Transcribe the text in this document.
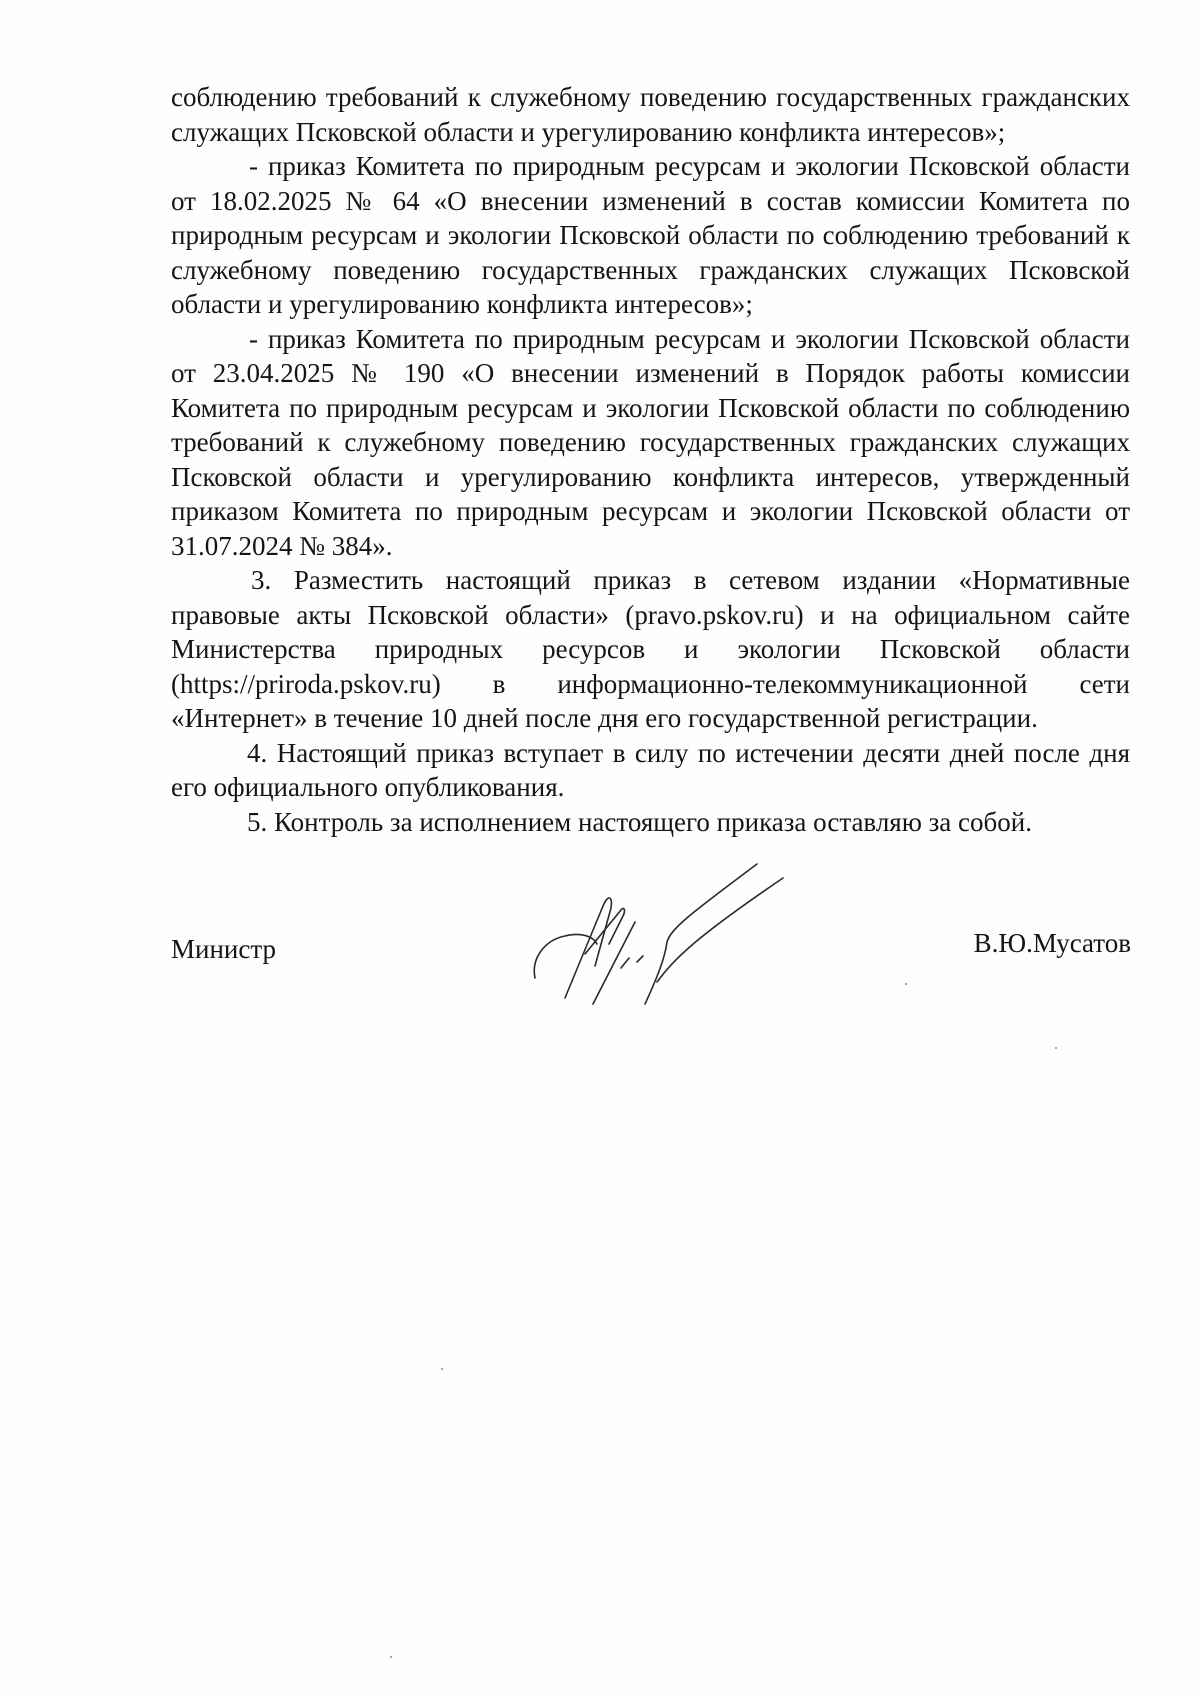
соблюдению требований к служебному поведению государственных гражданских служащих Псковской области и урегулированию конфликта интересов»;

- приказ Комитета по природным ресурсам и экологии Псковской области от 18.02.2025 № 64 «О внесении изменений в состав комиссии Комитета по природным ресурсам и экологии Псковской области по соблюдению требований к служебному поведению государственных гражданских служащих Псковской области и урегулированию конфликта интересов»;

- приказ Комитета по природным ресурсам и экологии Псковской области от 23.04.2025 № 190 «О внесении изменений в Порядок работы комиссии Комитета по природным ресурсам и экологии Псковской области по соблюдению требований к служебному поведению государственных гражданских служащих Псковской области и урегулированию конфликта интересов, утвержденный приказом Комитета по природным ресурсам и экологии Псковской области от 31.07.2024 № 384».

3. Разместить настоящий приказ в сетевом издании «Нормативные правовые акты Псковской области» (pravo.pskov.ru) и на официальном сайте Министерства природных ресурсов и экологии Псковской области (https://priroda.pskov.ru) в информационно-телекоммуникационной сети «Интернет» в течение 10 дней после дня его государственной регистрации.

4. Настоящий приказ вступает в силу по истечении десяти дней после дня его официального опубликования.

5. Контроль за исполнением настоящего приказа оставляю за собой.

Министр	В.Ю.Мусатов
